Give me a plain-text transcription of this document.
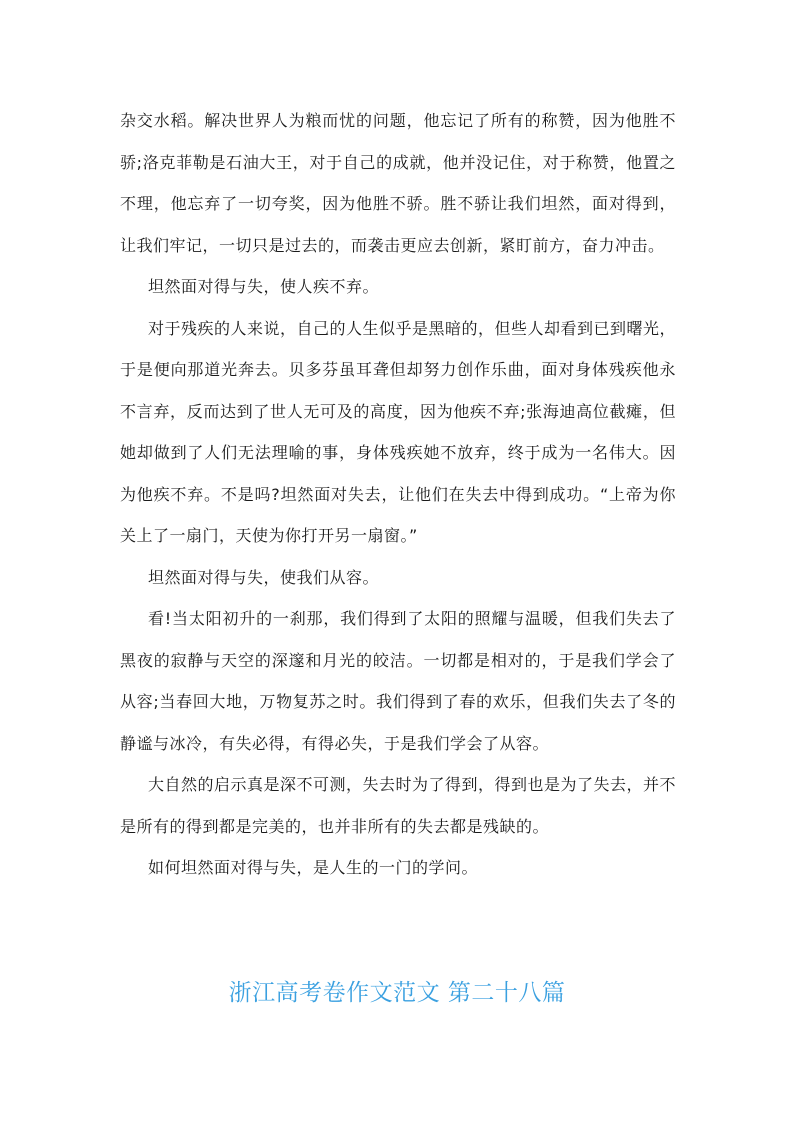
杂交水稻。解决世界人为粮而忧的问题，他忘记了所有的称赞，因为他胜不骄;洛克菲勒是石油大王，对于自己的成就，他并没记住，对于称赞，他置之不理，他忘弃了一切夸奖，因为他胜不骄。胜不骄让我们坦然，面对得到，让我们牢记，一切只是过去的，而袭击更应去创新，紧盯前方，奋力冲击。

坦然面对得与失，使人疾不弃。

对于残疾的人来说，自己的人生似乎是黑暗的，但些人却看到已到曙光，于是便向那道光奔去。贝多芬虽耳聋但却努力创作乐曲，面对身体残疾他永不言弃，反而达到了世人无可及的高度，因为他疾不弃;张海迪高位截瘫，但她却做到了人们无法理喻的事，身体残疾她不放弃，终于成为一名伟大。因为他疾不弃。不是吗?坦然面对失去，让他们在失去中得到成功。“上帝为你关上了一扇门，天使为你打开另一扇窗。”

坦然面对得与失，使我们从容。

看!当太阳初升的一刹那，我们得到了太阳的照耀与温暖，但我们失去了黑夜的寂静与天空的深邃和月光的皎洁。一切都是相对的，于是我们学会了从容;当春回大地，万物复苏之时。我们得到了春的欢乐，但我们失去了冬的静谧与冰冷，有失必得，有得必失，于是我们学会了从容。

大自然的启示真是深不可测，失去时为了得到，得到也是为了失去，并不是所有的得到都是完美的，也并非所有的失去都是残缺的。

如何坦然面对得与失，是人生的一门的学问。

浙江高考卷作文范文 第二十八篇
